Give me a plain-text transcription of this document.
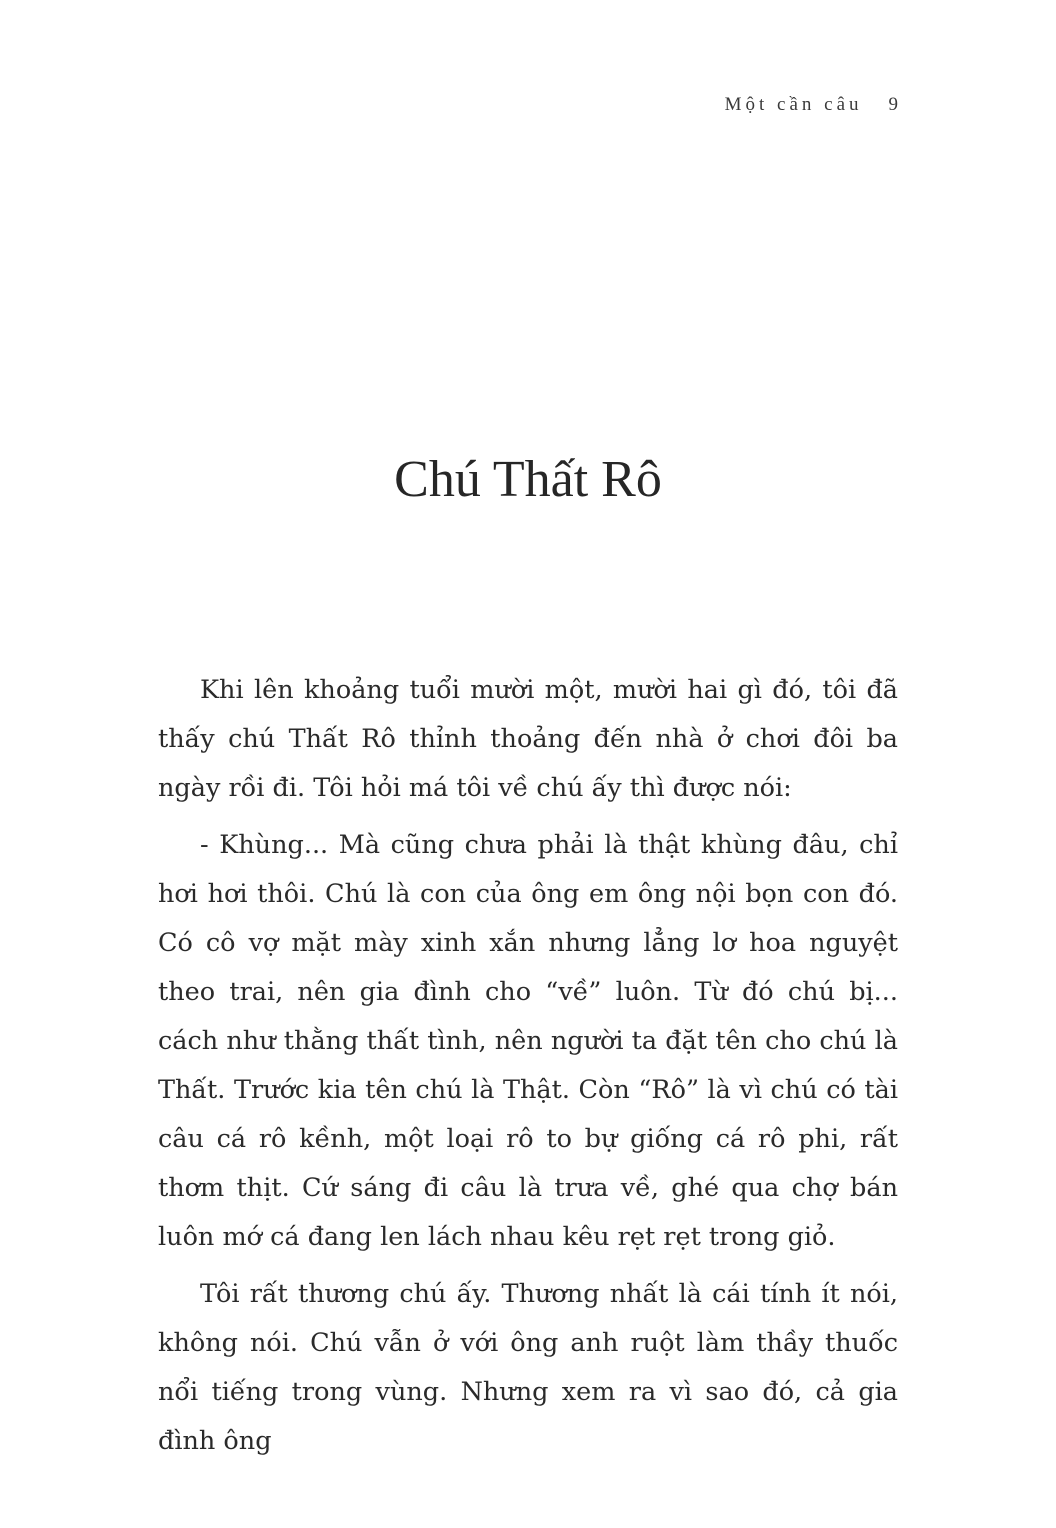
Một cần câu 9
Chú Thất Rô

Khi lên khoảng tuổi mười một, mười hai gì đó, tôi đã thấy chú Thất Rô thỉnh thoảng đến nhà ở chơi đôi ba ngày rồi đi. Tôi hỏi má tôi về chú ấy thì được nói:

- Khùng... Mà cũng chưa phải là thật khùng đâu, chỉ hơi hơi thôi. Chú là con của ông em ông nội bọn con đó. Có cô vợ mặt mày xinh xắn nhưng lẳng lơ hoa nguyệt theo trai, nên gia đình cho “về” luôn. Từ đó chú bị... cách như thằng thất tình, nên người ta đặt tên cho chú là Thất. Trước kia tên chú là Thật. Còn “Rô” là vì chú có tài câu cá rô kềnh, một loại rô to bự giống cá rô phi, rất thơm thịt. Cứ sáng đi câu là trưa về, ghé qua chợ bán luôn mớ cá đang len lách nhau kêu rẹt rẹt trong giỏ.

Tôi rất thương chú ấy. Thương nhất là cái tính ít nói, không nói. Chú vẫn ở với ông anh ruột làm thầy thuốc nổi tiếng trong vùng. Nhưng xem ra vì sao đó, cả gia đình ông
